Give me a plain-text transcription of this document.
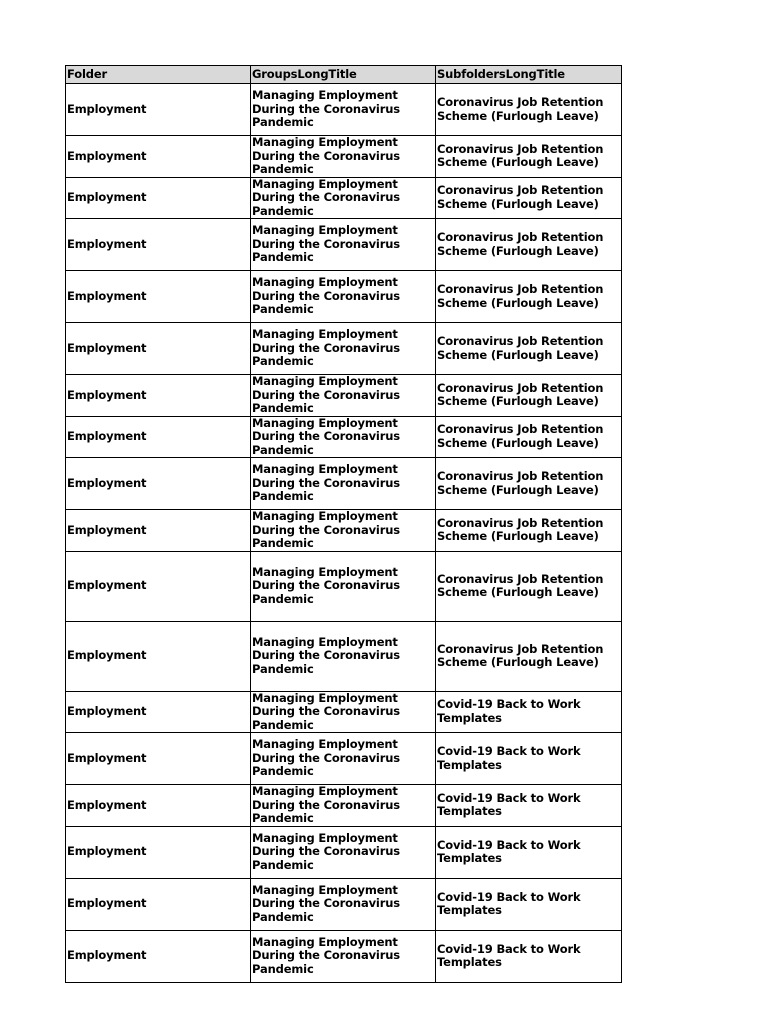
Folder	GroupsLongTitle	SubfoldersLongTitle
Employment	Managing Employment During the Coronavirus Pandemic	Coronavirus Job Retention Scheme (Furlough Leave)
Employment	Managing Employment During the Coronavirus Pandemic	Coronavirus Job Retention Scheme (Furlough Leave)
Employment	Managing Employment During the Coronavirus Pandemic	Coronavirus Job Retention Scheme (Furlough Leave)
Employment	Managing Employment During the Coronavirus Pandemic	Coronavirus Job Retention Scheme (Furlough Leave)
Employment	Managing Employment During the Coronavirus Pandemic	Coronavirus Job Retention Scheme (Furlough Leave)
Employment	Managing Employment During the Coronavirus Pandemic	Coronavirus Job Retention Scheme (Furlough Leave)
Employment	Managing Employment During the Coronavirus Pandemic	Coronavirus Job Retention Scheme (Furlough Leave)
Employment	Managing Employment During the Coronavirus Pandemic	Coronavirus Job Retention Scheme (Furlough Leave)
Employment	Managing Employment During the Coronavirus Pandemic	Coronavirus Job Retention Scheme (Furlough Leave)
Employment	Managing Employment During the Coronavirus Pandemic	Coronavirus Job Retention Scheme (Furlough Leave)
Employment	Managing Employment During the Coronavirus Pandemic	Coronavirus Job Retention Scheme (Furlough Leave)
Employment	Managing Employment During the Coronavirus Pandemic	Coronavirus Job Retention Scheme (Furlough Leave)
Employment	Managing Employment During the Coronavirus Pandemic	Covid-19 Back to Work Templates
Employment	Managing Employment During the Coronavirus Pandemic	Covid-19 Back to Work Templates
Employment	Managing Employment During the Coronavirus Pandemic	Covid-19 Back to Work Templates
Employment	Managing Employment During the Coronavirus Pandemic	Covid-19 Back to Work Templates
Employment	Managing Employment During the Coronavirus Pandemic	Covid-19 Back to Work Templates
Employment	Managing Employment During the Coronavirus Pandemic	Covid-19 Back to Work Templates
